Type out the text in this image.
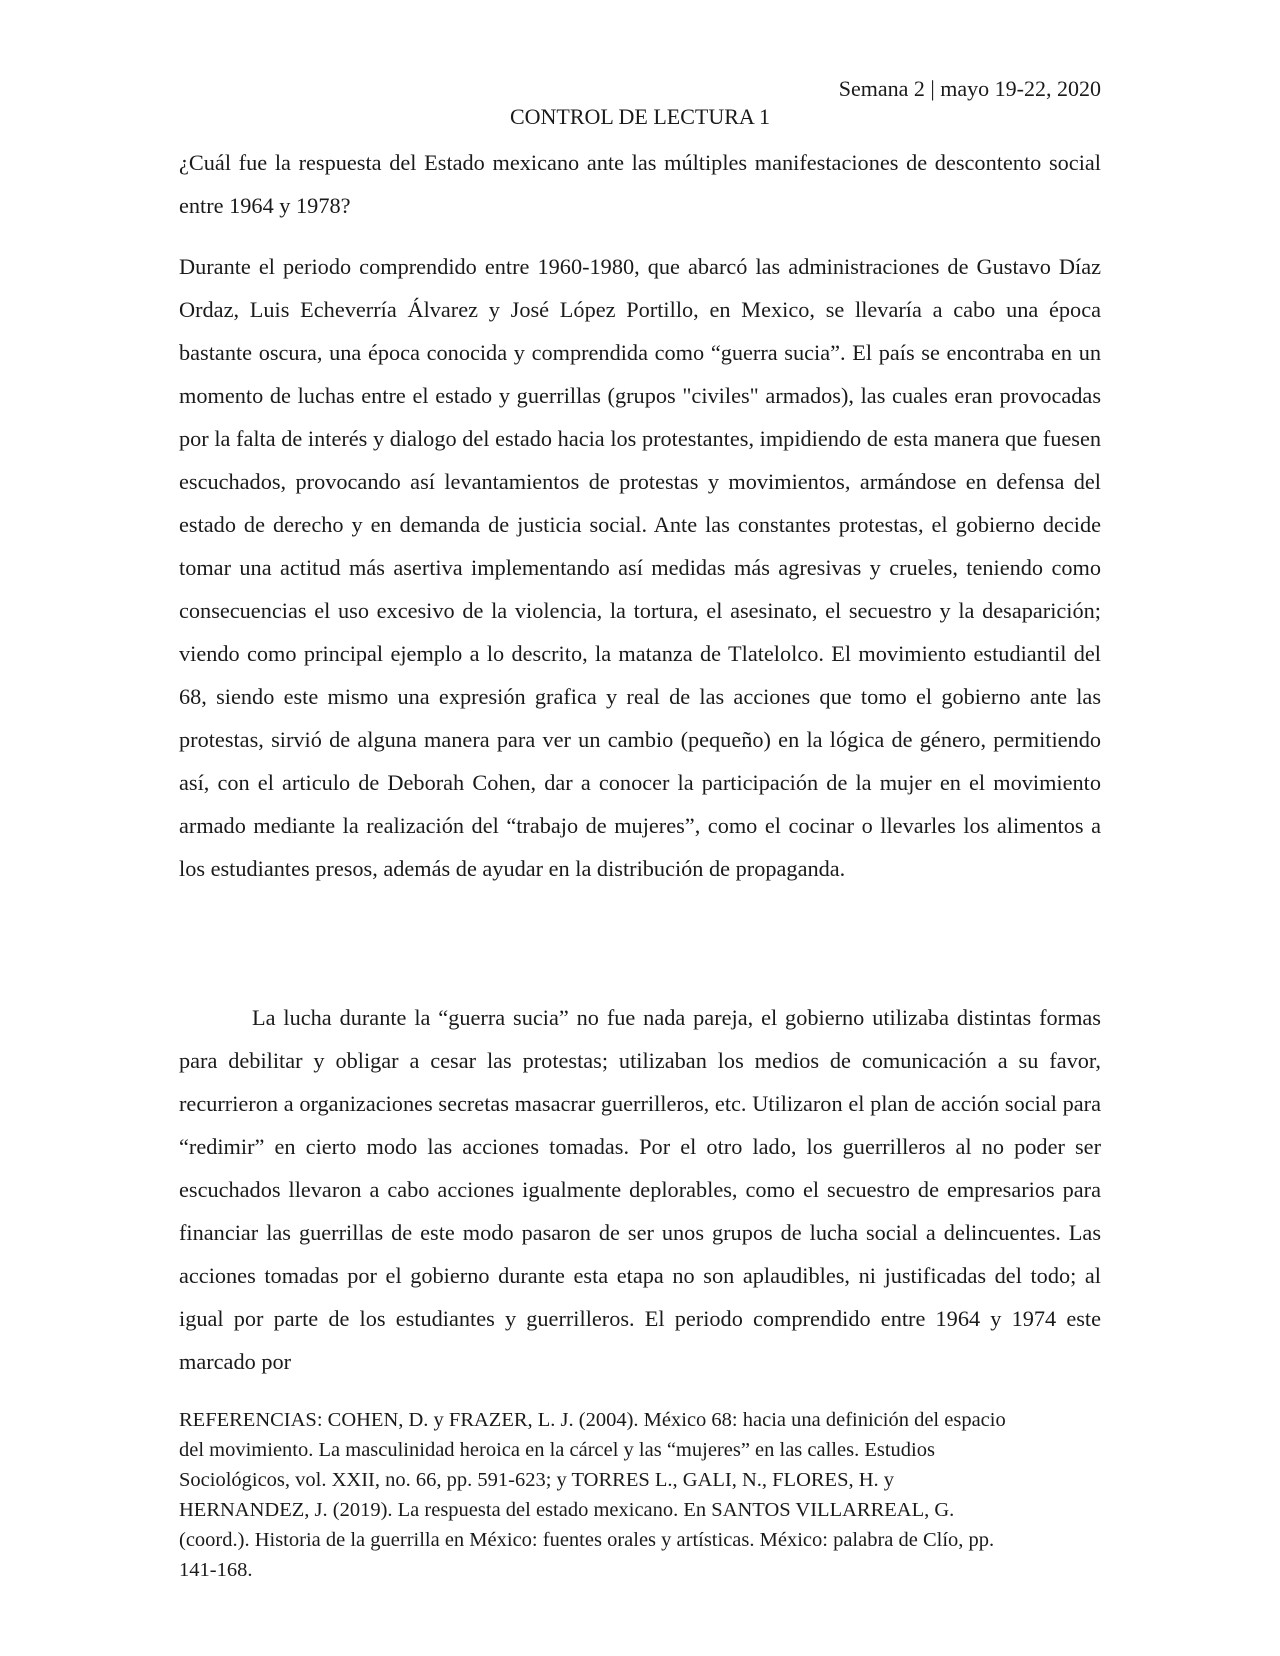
Semana 2 | mayo 19-22, 2020
CONTROL DE LECTURA 1

¿Cuál fue la respuesta del Estado mexicano ante las múltiples manifestaciones de descontento social entre 1964 y 1978?

Durante el periodo comprendido entre 1960-1980, que abarcó las administraciones de Gustavo Díaz Ordaz, Luis Echeverría Álvarez y José López Portillo, en Mexico, se llevaría a cabo una época bastante oscura, una época conocida y comprendida como “guerra sucia”. El país se encontraba en un momento de luchas entre el estado y guerrillas (grupos "civiles" armados), las cuales eran provocadas por la falta de interés y dialogo del estado hacia los protestantes, impidiendo de esta manera que fuesen escuchados, provocando así levantamientos de protestas y movimientos, armándose en defensa del estado de derecho y en demanda de justicia social. Ante las constantes protestas, el gobierno decide tomar una actitud más asertiva implementando así medidas más agresivas y crueles, teniendo como consecuencias el uso excesivo de la violencia, la tortura, el asesinato, el secuestro y la desaparición; viendo como principal ejemplo a lo descrito, la matanza de Tlatelolco. El movimiento estudiantil del 68, siendo este mismo una expresión grafica y real de las acciones que tomo el gobierno ante las protestas, sirvió de alguna manera para ver un cambio (pequeño) en la lógica de género, permitiendo así, con el articulo de Deborah Cohen, dar a conocer la participación de la mujer en el movimiento armado mediante la realización del “trabajo de mujeres”, como el cocinar o llevarles los alimentos a los estudiantes presos, además de ayudar en la distribución de propaganda.

La lucha durante la “guerra sucia” no fue nada pareja, el gobierno utilizaba distintas formas para debilitar y obligar a cesar las protestas; utilizaban los medios de comunicación a su favor, recurrieron a organizaciones secretas masacrar guerrilleros, etc. Utilizaron el plan de acción social para “redimir” en cierto modo las acciones tomadas. Por el otro lado, los guerrilleros al no poder ser escuchados llevaron a cabo acciones igualmente deplorables, como el secuestro de empresarios para financiar las guerrillas de este modo pasaron de ser unos grupos de lucha social a delincuentes. Las acciones tomadas por el gobierno durante esta etapa no son aplaudibles, ni justificadas del todo; al igual por parte de los estudiantes y guerrilleros. El periodo comprendido entre 1964 y 1974 este marcado por

REFERENCIAS: COHEN, D. y FRAZER, L. J. (2004). México 68: hacia una definición del espacio del movimiento. La masculinidad heroica en la cárcel y las “mujeres” en las calles. Estudios Sociológicos, vol. XXII, no. 66, pp. 591-623; y TORRES L., GALI, N., FLORES, H. y HERNANDEZ, J. (2019). La respuesta del estado mexicano. En SANTOS VILLARREAL, G. (coord.). Historia de la guerrilla en México: fuentes orales y artísticas. México: palabra de Clío, pp. 141-168.
